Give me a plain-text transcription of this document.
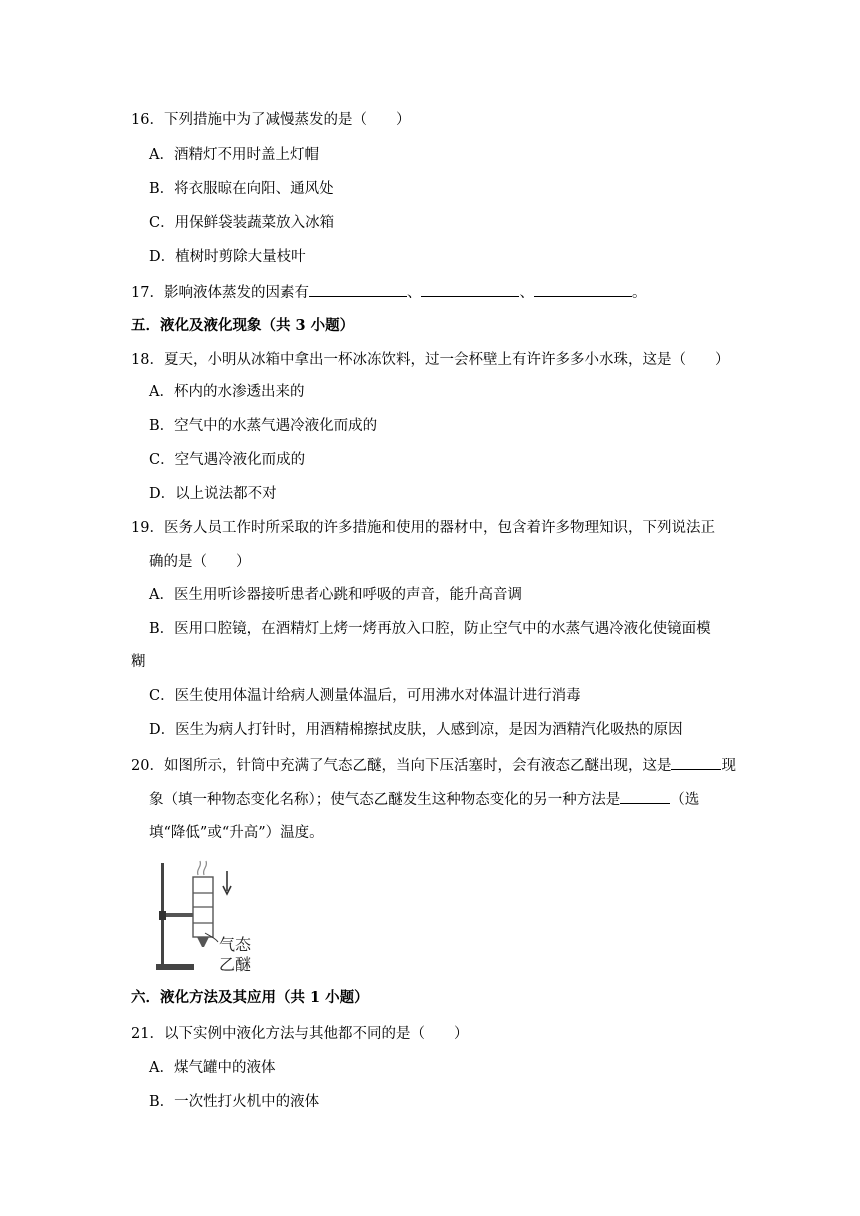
16．下列措施中为了减慢蒸发的是（　　）
A．酒精灯不用时盖上灯帽
B．将衣服晾在向阳、通风处
C．用保鲜袋装蔬菜放入冰箱
D．植树时剪除大量枝叶
17．影响液体蒸发的因素有	、	、	。
五．液化及液化现象（共 3 小题）
18．夏天，小明从冰箱中拿出一杯冰冻饮料，过一会杯壁上有许许多多小水珠，这是（　　）
A．杯内的水渗透出来的
B．空气中的水蒸气遇冷液化而成的
C．空气遇冷液化而成的
D．以上说法都不对
19．医务人员工作时所采取的许多措施和使用的器材中，包含着许多物理知识，下列说法正
确的是（　　）
A．医生用听诊器接听患者心跳和呼吸的声音，能升高音调
B．医用口腔镜，在酒精灯上烤一烤再放入口腔，防止空气中的水蒸气遇冷液化使镜面模
糊
C．医生使用体温计给病人测量体温后，可用沸水对体温计进行消毒
D．医生为病人打针时，用酒精棉擦拭皮肤，人感到凉，是因为酒精汽化吸热的原因
20．如图所示，针筒中充满了气态乙醚，当向下压活塞时，会有液态乙醚出现，这是	现
象（填一种物态变化名称）；使气态乙醚发生这种物态变化的另一种方法是	（选
填“降低”或“升高”）温度。
气态
乙醚
六．液化方法及其应用（共 1 小题）
21．以下实例中液化方法与其他都不同的是（　　）
A．煤气罐中的液体
B．一次性打火机中的液体
